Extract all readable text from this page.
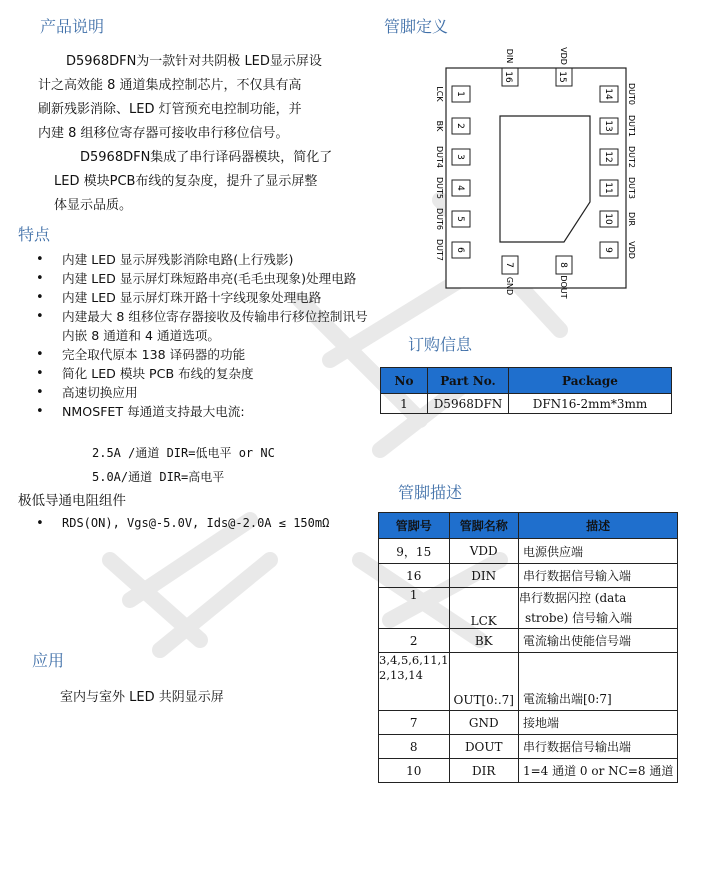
产品说明
D5968DFN为一款针对共阴极 LED显示屏设
计之高效能 8 通道集成控制芯片，不仅具有高
刷新残影消除、LED 灯管预充电控制功能，并
内建 8 组移位寄存器可接收串行移位信号。
D5968DFN集成了串行译码器模块，简化了
LED 模块PCB布线的复杂度，提升了显示屏整
体显示品质。
特点
• 内建 LED 显示屏残影消除电路(上行残影)
• 内建 LED 显示屏灯珠短路串亮(毛毛虫现象)处理电路
• 内建 LED 显示屏灯珠开路十字线现象处理电路
• 内建最大 8 组移位寄存器接收及传输串行移位控制讯号 内嵌 8 通道和 4 通道选项。
• 完全取代原本 138 译码器的功能
• 简化 LED 模块 PCB 布线的复杂度
• 高速切换应用
• NMOSFET 每通道支持最大电流:
2.5A /通道 DIR=低电平 or NC
5.0A/通道 DIR=高电平
极低导通电阻组件
• RDS(ON), Vgs@-5.0V, Ids@-2.0A ≤ 150mΩ
应用
室内与室外 LED 共阴显示屏
管脚定义
16	15
DIN	VDD
1
2
3
4
5
6
LCK
BK
DUT4
DUT5
DUT6
DUT7
14
13
12
11
10
9
DUT0
DUT1
DUT2
DUT3
DIR
VDD
7	8
GND	DOUT
订购信息
No	Part No.	Package
1	D5968DFN	DFN16-2mm*3mm
管脚描述
管脚号	管脚名称	描述
9，15	VDD	电源供应端
16	DIN	串行数据信号输入端
1	LCK	串行数据闪控 (data
strobe) 信号输入端

2	BK	電流输出使能信号端

3,4,5,6,11,1
2,13,14	OUT[0:.7]	電流输出端[0:7]
7	GND	接地端
8	DOUT	串行数据信号输出端
10	DIR	1=4 通道 0 or NC=8 通道
